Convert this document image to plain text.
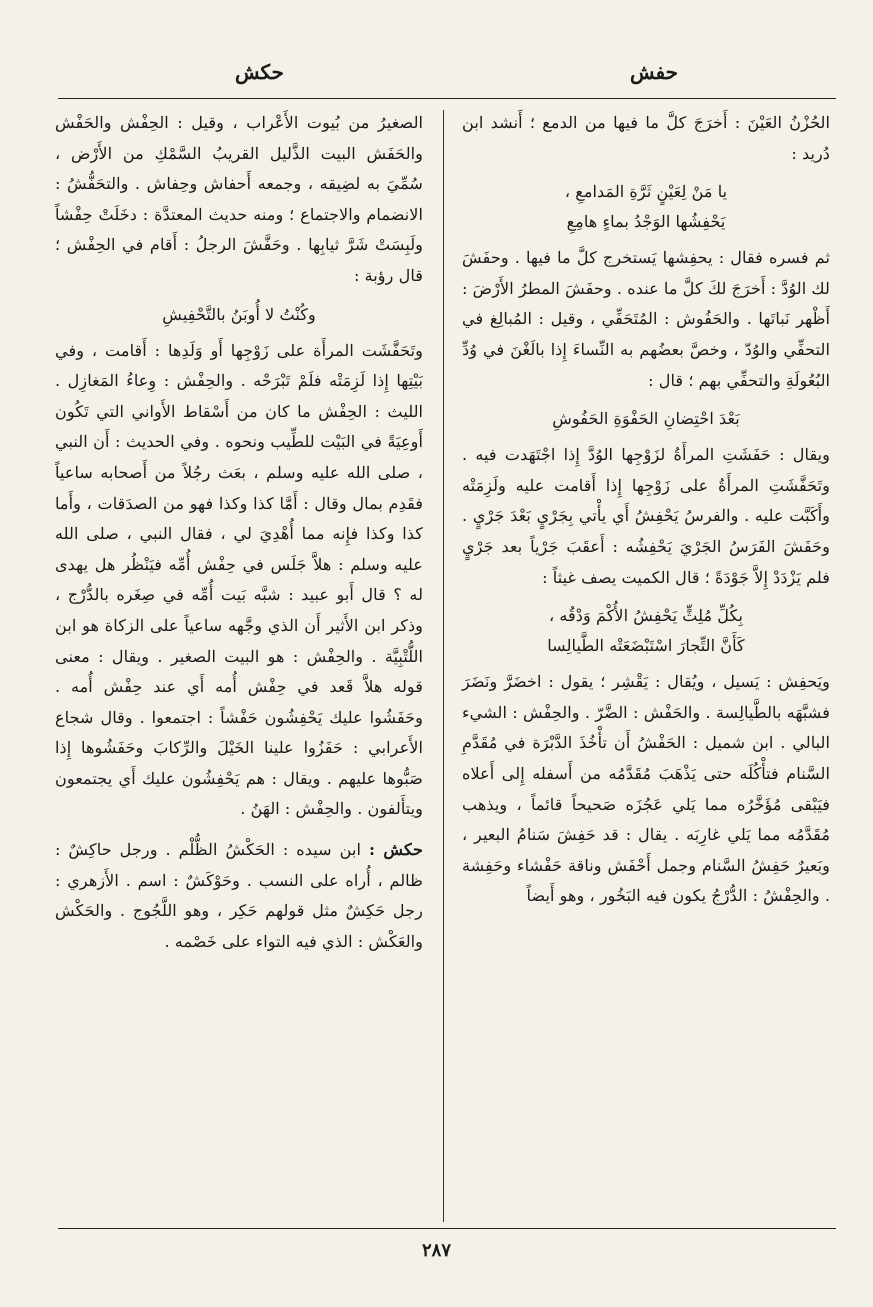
حفش
حكش

الحُزْنُ العَيْنَ : أَخرَجَ كلَّ ما فيها من الدمع ؛ أَنشد ابن دُريد :

يا مَنْ لِعَيْنٍ ثَرَّةِ المَدامعِ ،
يَحْفِشُها الوَجْدُ بماءٍ هامِعِ

ثم فسره فقال : يحفِشها يَستخرج كلَّ ما فيها . وحفَشَ لك الوُدَّ : أَخرَجَ لكَ كلَّ ما عنده . وحفَشَ المطرُ الأَرْضَ : أَظْهر نَباتَها . والحَفُوش : المُتَحَفِّي ، وقيل : المُبالِغ في التحفِّي والوُدّ ، وخصَّ بعضُهم به النِّساءَ إِذا بالَغْنَ في وُدِّ البُعُولَةِ والتحفِّي بهم ؛ قال :

بَعْدَ احْتِضانِ الحَفْوَةِ الحَفُوشِ

ويقال : حَفَشَتِ المرأَةُ لزَوْجِها الوُدَّ إِذا اجْتَهَدت فيه . وتَحَفَّشَتِ المرأَةُ على زَوْجِها إِذا أَقامت عليه ولَزِمَتْه وأَكَبَّت عليه . والفرسُ يَحْفِشُ أَي يأْتي بِجَرْيٍ بَعْدَ جَرْيٍ . وحَفَشَ الفَرَسُ الجَرْيَ يَحْفِشُه : أَعقَبَ جَرْياً بعد جَرْيٍ فلم يَزْدَدْ إِلاَّ جَوْدَةً ؛ قال الكميت يصف غيثاً :

بِكُلِّ مُلِثٍّ يَحْفِشُ الأُكْمَ وَدْقُه ،
كَأَنَّ التِّجارَ اسْتَبْضَعَتْه الطَّيالِسا

ويَحفِش : يَسيل ، ويُقال : يَقْشِر ؛ يقول : اخضَرَّ ونَضَرَ فشبَّهَه بالطَّيالِسة . والحَفْش : الضَّرّ . والحِفْش : الشيء البالي . ابن شميل : الحَفْشُ أَن تأْخُذَ الدَّبْرَة في مُقَدَّمِ السَّنام فتأْكُلَه حتى يَذْهَبَ مُقَدَّمُه من أَسفله إِلى أَعلاه فيَبْقى مُؤَخَّرُه مما يَلي عَجُزَه صَحيحاً قائماً ، ويذهب مُقَدَّمُه مما يَلي غارِبَه . يقال : قد حَفِشَ سَنامُ البعير ، وبَعيرٌ حَفِشُ السَّنام وجمل أَحْفَش وناقة حَفْشاء وحَفِشة . والحِفْشُ : الدُّرْجُ يكون فيه البَخُور ، وهو أَيضاً

الصغيرُ من بُيوت الأَعْراب ، وقيل : الحِفْش والحَفْش والحَفَش البيت الذَّليل القريبُ السَّمْكِ من الأَرْض ، سُمِّيَ به لضِيقه ، وجمعه أَحفاش وحِفاش . والتحَفُّشُ : الانضمام والاجتماع ؛ ومنه حديث المعتدَّة : دخَلَتْ حِفْشاً ولَبِسَتْ شَرَّ ثيابِها . وحَفَّشَ الرجلُ : أَقام في الحِفْش ؛ قال رؤبة :

وكُنْتُ لا أُوبَنُ بالتَّحْفِيشِ

وتَحَفَّشَت المرأَة على زَوْجِها أَو وَلَدِها : أَقامت ، وفي بَيْتِها إِذا لَزِمَتْه فلَمْ تَبْرَحْه . والحِفْش : وِعاءُ المَغازِل . الليث : الحِفْش ما كان من أَسْقاط الأَواني التي تَكُون أَوعِيَةً في البَيْت للطِّيب ونحوه . وفي الحديث : أَن النبي ، صلى الله عليه وسلم ، بعَث رجُلاً من أَصحابه ساعياً فقَدِم بمال وقال : أَمَّا كذا وكذا فهو من الصدَقات ، وأَما كذا وكذا فإِنه مما أُهْدِيَ لي ، فقال النبي ، صلى الله عليه وسلم : هلاَّ جَلَس في حِفْش أُمِّه فيَنْظُر هل يهدى له ؟ قال أَبو عبيد : شبَّه بَيت أُمِّه في صِغَره بالدُّرْج ، وذكر ابن الأَثير أَن الذي وجَّهه ساعياً على الزكاة هو ابن اللُّتْبِيَّة . والحِفْش : هو البيت الصغير . ويقال : معنى قوله هلاَّ قَعد في حِفْش أُمه أَي عند حِفْش أُمه . وحَفَشُوا عليك يَحْفِشُون حَفْشاً : اجتمعوا . وقال شجاع الأَعرابي : حَفَزُوا علينا الخَيْلَ والرِّكابَ وحَفَشُوها إِذا صَبُّوها عليهم . ويقال : هم يَحْفِشُون عليك أَي يجتمعون ويتأَلفون . والحِفْش : الهَنُ .

حكش : ابن سيده : الحَكْشُ الظُّلْم . ورجل حاكِشٌ : ظالم ، أُراه على النسب . وحَوْكَشٌ : اسم . الأَزهري : رجل حَكِشٌ مثل قولهم حَكِر ، وهو اللَّجُوج . والحَكْش والعَكْش : الذي فيه التواء على خَصْمه .

٢٨٧
